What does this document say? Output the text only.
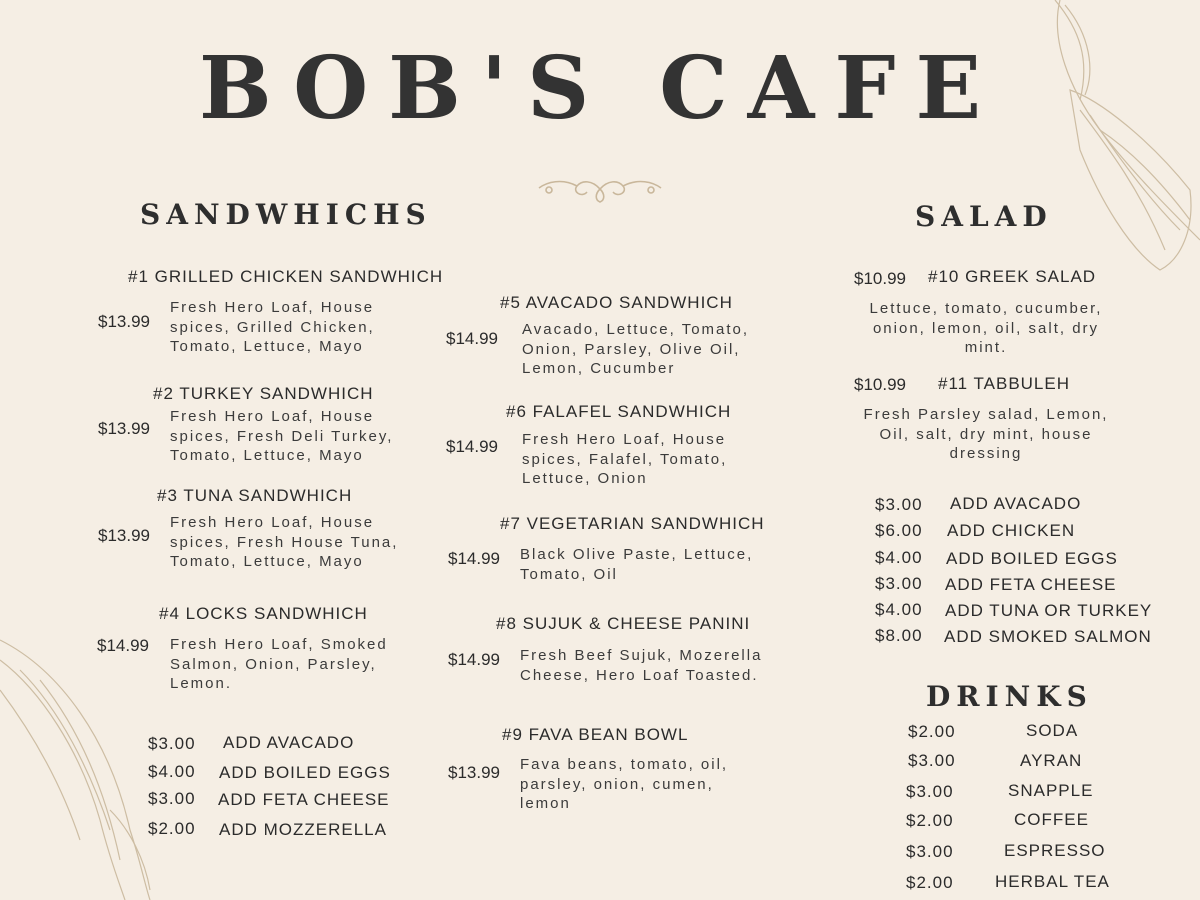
BOB'S CAFE
SANDWHICHS	SALAD
DRINKS
#1 GRILLED CHICKEN SANDWHICH
$13.99
Fresh Hero Loaf, House
spices, Grilled Chicken,
Tomato, Lettuce, Mayo
#2 TURKEY SANDWHICH
$13.99
Fresh Hero Loaf, House
spices, Fresh Deli Turkey,
Tomato, Lettuce, Mayo
#3 TUNA SANDWHICH
$13.99
Fresh Hero Loaf, House
spices, Fresh House Tuna,
Tomato, Lettuce, Mayo
#4 LOCKS SANDWHICH
$14.99 Fresh Hero Loaf, Smoked
Salmon, Onion, Parsley,
Lemon.
#5 AVACADO SANDWHICH
$14.99 Avacado, Lettuce, Tomato,
Onion, Parsley, Olive Oil,
Lemon, Cucumber
#6 FALAFEL SANDWHICH
$14.99 Fresh Hero Loaf, House
spices, Falafel, Tomato,
Lettuce, Onion
#7 VEGETARIAN SANDWHICH
$14.99 Black Olive Paste, Lettuce,
Tomato, Oil
#8 SUJUK & CHEESE PANINI
$14.99 Fresh Beef Sujuk, Mozerella
Cheese, Hero Loaf Toasted.
#9 FAVA BEAN BOWL
$13.99 Fava beans, tomato, oil,
parsley, onion, cumen,
lemon
$10.99 #10 GREEK SALAD
Lettuce, tomato, cucumber,
onion, lemon, oil, salt, dry
mint.
$10.99 #11 TABBULEH
Fresh Parsley salad, Lemon,
Oil, salt, dry mint, house
dressing
$3.00 ADD AVACADO
$4.00 ADD BOILED EGGS
$3.00 ADD FETA CHEESE
$2.00 ADD MOZZERELLA
$3.00 ADD AVACADO
$6.00 ADD CHICKEN
$4.00 ADD BOILED EGGS
$3.00 ADD FETA CHEESE
$4.00 ADD TUNA OR TURKEY
$8.00 ADD SMOKED SALMON
$2.00	SODA
$3.00	AYRAN
$3.00	SNAPPLE
$2.00	COFFEE
$3.00	ESPRESSO
$2.00 HERBAL TEA
